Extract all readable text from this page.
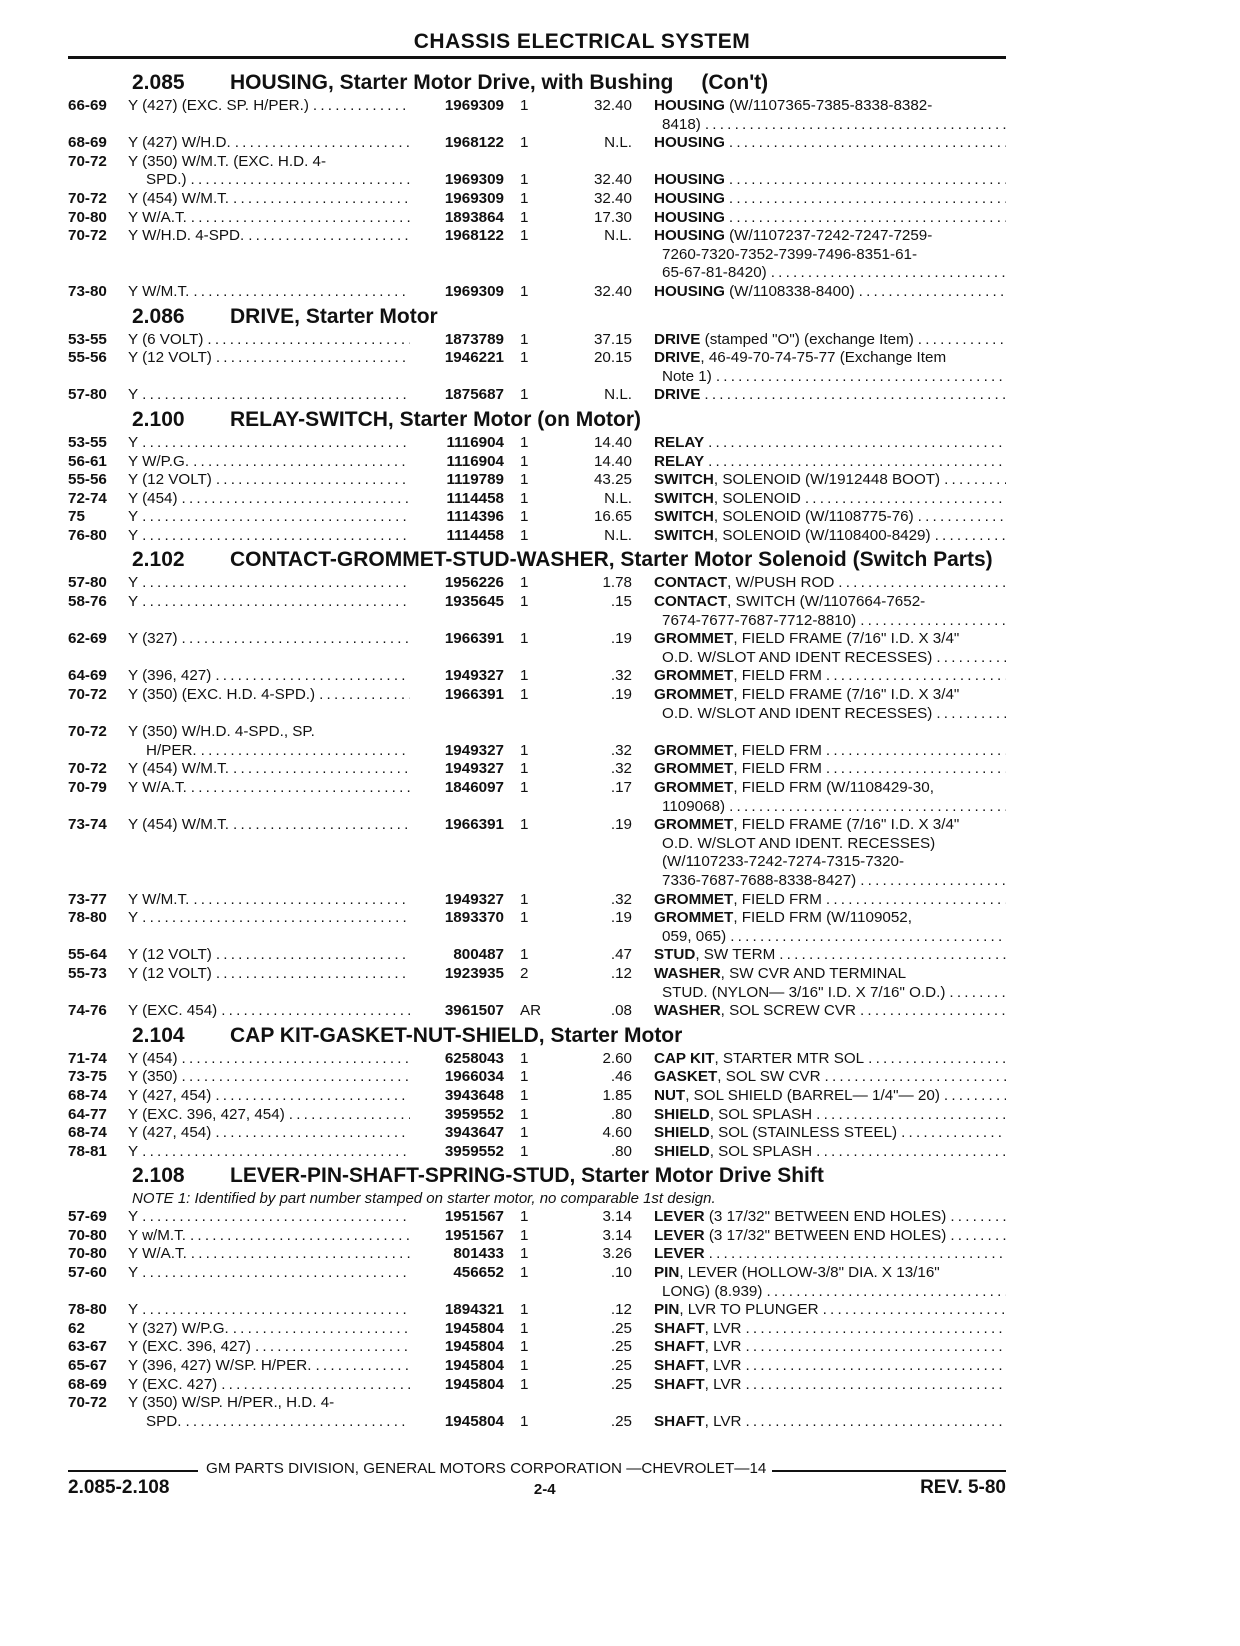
CHASSIS ELECTRICAL SYSTEM
2.085	HOUSING, Starter Motor Drive, with Bushing (Con't)
66-69	Y (427) (EXC. SP. H/PER.) . . .	1969309	1	32.40 HOUSING (W/1107365-7385-8338-8382-
8418)
. . .
68-69	Y (427) W/H.D. . . .	1968122	1	N.L. HOUSING
. . .
70-72	Y (350) W/M.T. (EXC. H.D. 4-
SPD.) . . .	1969309	1	32.40 HOUSING
. . .
70-72	Y (454) W/M.T. . . .	1969309	1	32.40 HOUSING
. . .
70-80	Y W/A.T. . . .	1893864	1	17.30 HOUSING
. . .
70-72	Y W/H.D. 4-SPD. . . .	1968122	1	N.L. HOUSING (W/1107237-7242-7247-7259-
7260-7320-7352-7399-7496-8351-61-
65-67-81-8420)
. . .
73-80	Y W/M.T. . . .	1969309	1	32.40 HOUSING (W/1108338-8400)
. . .
2.086	DRIVE, Starter Motor
53-55	Y (6 VOLT) . . .	1873789	1	37.15 DRIVE (stamped "O") (exchange Item)
. . .
55-56	Y (12 VOLT) . . .	1946221	1	20.15 DRIVE, 46-49-70-74-75-77 (Exchange Item
Note 1)
. . .
57-80	Y . . .	1875687	1	N.L. DRIVE
. . .
2.100	RELAY-SWITCH, Starter Motor (on Motor)
53-55	Y . . .	1116904	1	14.40 RELAY
. . .
56-61	Y W/P.G. . . .	1116904	1	14.40 RELAY
. . .
55-56	Y (12 VOLT) . . .	1119789	1	43.25 SWITCH, SOLENOID (W/1912448 BOOT)
. . .
72-74	Y (454) . . .	1114458	1	N.L. SWITCH, SOLENOID
. . .
75	Y . . .	1114396	1	16.65 SWITCH, SOLENOID (W/1108775-76)
. . .
76-80	Y . . .	1114458	1	N.L. SWITCH, SOLENOID (W/1108400-8429)
. . .
2.102	CONTACT-GROMMET-STUD-WASHER, Starter Motor Solenoid (Switch Parts)
57-80	Y . . .	1956226	1	1.78 CONTACT, W/PUSH ROD
. . .
58-76	Y . . .	1935645	1	.15 CONTACT, SWITCH (W/1107664-7652-
7674-7677-7687-7712-8810)
. . .
62-69	Y (327) . . .	1966391	1	.19 GROMMET, FIELD FRAME (7/16" I.D. X 3/4"
O.D. W/SLOT AND IDENT RECESSES)
. . .
64-69	Y (396, 427) . . .	1949327	1	.32 GROMMET, FIELD FRM
. . .
70-72	Y (350) (EXC. H.D. 4-SPD.) . . .	1966391	1	.19 GROMMET, FIELD FRAME (7/16" I.D. X 3/4"
O.D. W/SLOT AND IDENT RECESSES)
. . .
70-72	Y (350) W/H.D. 4-SPD., SP.
H/PER. . . .	1949327	1	.32 GROMMET, FIELD FRM
. . .
70-72	Y (454) W/M.T. . . .	1949327	1	.32 GROMMET, FIELD FRM
. . .
70-79	Y W/A.T. . . .	1846097	1	.17 GROMMET, FIELD FRM (W/1108429-30,
1109068)
. . .
73-74	Y (454) W/M.T. . . .	1966391	1	.19 GROMMET, FIELD FRAME (7/16" I.D. X 3/4"
O.D. W/SLOT AND IDENT. RECESSES)
(W/1107233-7242-7274-7315-7320-
7336-7687-7688-8338-8427)
. . .
73-77	Y W/M.T. . . .	1949327	1	.32 GROMMET, FIELD FRM
. . .
78-80	Y . . .	1893370	1	.19 GROMMET, FIELD FRM (W/1109052,
059, 065)
. . .
55-64	Y (12 VOLT) . . .	800487	1	.47 STUD, SW TERM
. . .
55-73	Y (12 VOLT) . . .	1923935	2	.12 WASHER, SW CVR AND TERMINAL
STUD. (NYLON— 3/16" I.D. X 7/16" O.D.)
. . .
74-76	Y (EXC. 454) . . .	3961507	AR	.08 WASHER, SOL SCREW CVR
. . .
2.104	CAP KIT-GASKET-NUT-SHIELD, Starter Motor
71-74	Y (454) . . .	6258043	1	2.60 CAP KIT, STARTER MTR SOL
. . .
73-75	Y (350) . . .	1966034	1	.46 GASKET, SOL SW CVR
. . .
68-74	Y (427, 454) . . .	3943648	1	1.85 NUT, SOL SHIELD (BARREL— 1/4"— 20)
. . .
64-77	Y (EXC. 396, 427, 454) . . .	3959552	1	.80 SHIELD, SOL SPLASH
. . .
68-74	Y (427, 454) . . .	3943647	1	4.60 SHIELD, SOL (STAINLESS STEEL)
. . .
78-81	Y . . .	3959552	1	.80 SHIELD, SOL SPLASH
. . .
2.108	LEVER-PIN-SHAFT-SPRING-STUD, Starter Motor Drive Shift
NOTE 1: Identified by part number stamped on starter motor, no comparable 1st design.
57-69	Y . . .	1951567	1	3.14 LEVER (3 17/32" BETWEEN END HOLES)
. . .
70-80	Y w/M.T. . . .	1951567	1	3.14 LEVER (3 17/32" BETWEEN END HOLES)
. . .
70-80	Y W/A.T. . . .	801433	1	3.26 LEVER
. . .
57-60	Y . . .	456652	1	.10 PIN, LEVER (HOLLOW-3/8" DIA. X 13/16"
LONG) (8.939)
. . .
78-80	Y . . .	1894321	1	.12 PIN, LVR TO PLUNGER
. . .
62	Y (327) W/P.G. . . .	1945804	1	.25 SHAFT, LVR
. . .
63-67	Y (EXC. 396, 427) . . .	1945804	1	.25 SHAFT, LVR
. . .
65-67	Y (396, 427) W/SP. H/PER. . . .	1945804	1	.25 SHAFT, LVR
. . .
68-69	Y (EXC. 427) . . .	1945804	1	.25 SHAFT, LVR
. . .
70-72	Y (350) W/SP. H/PER., H.D. 4-
SPD. . . .	1945804	1	.25 SHAFT, LVR
. . .
GM PARTS DIVISION, GENERAL MOTORS CORPORATION —CHEVROLET—14
2.085-2.108	2-4	REV. 5-80
